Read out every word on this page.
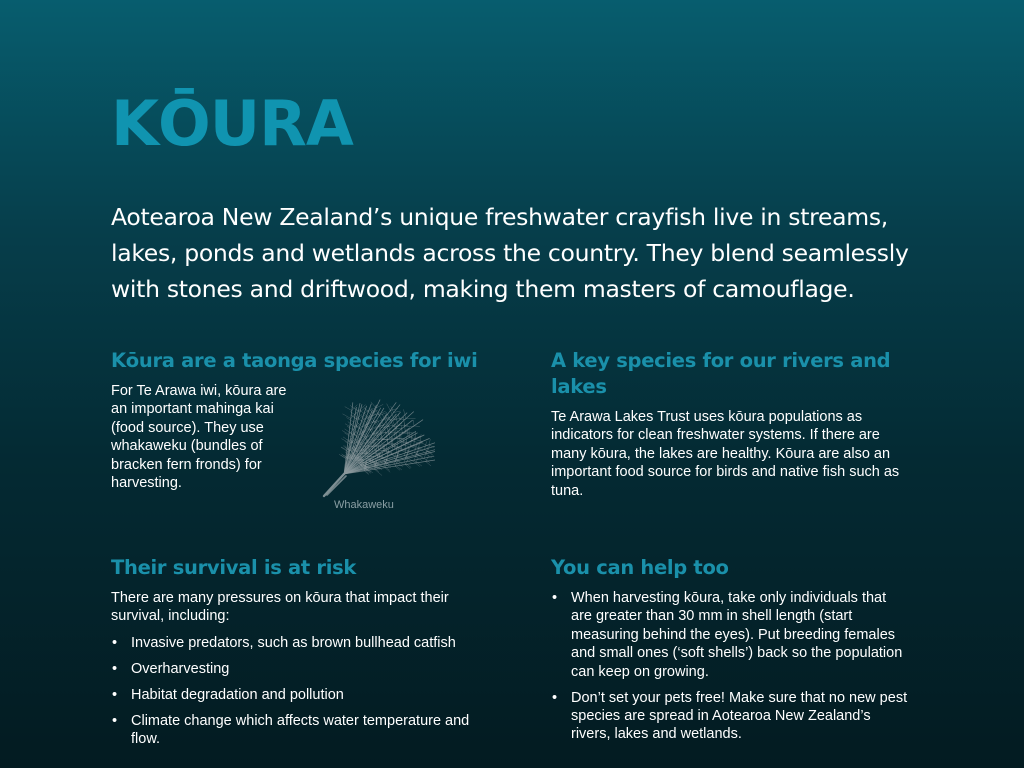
KŌURA

Aotearoa New Zealand’s unique freshwater crayfish live in streams, lakes, ponds and wetlands across the country. They blend seamlessly with stones and driftwood, making them masters of camouflage.

Kōura are a taonga species for iwi

For Te Arawa iwi, kōura are an important mahinga kai (food source). They use whakaweku (bundles of bracken fern fronds) for harvesting.

Whakaweku

A key species for our rivers and lakes

Te Arawa Lakes Trust uses kōura populations as indicators for clean freshwater systems. If there are many kōura, the lakes are healthy. Kōura are also an important food source for birds and native fish such as tuna.

Their survival is at risk

There are many pressures on kōura that impact their survival, including:

• Invasive predators, such as brown bullhead catfish
• Overharvesting
• Habitat degradation and pollution
• Climate change which affects water temperature and flow.
You can help too
• When harvesting kōura, take only individuals that are greater than 30 mm in shell length (start measuring behind the eyes). Put breeding females and small ones (‘soft shells’) back so the population can keep on growing.
• Don’t set your pets free! Make sure that no new pest species are spread in Aotearoa New Zealand’s rivers, lakes and wetlands.
